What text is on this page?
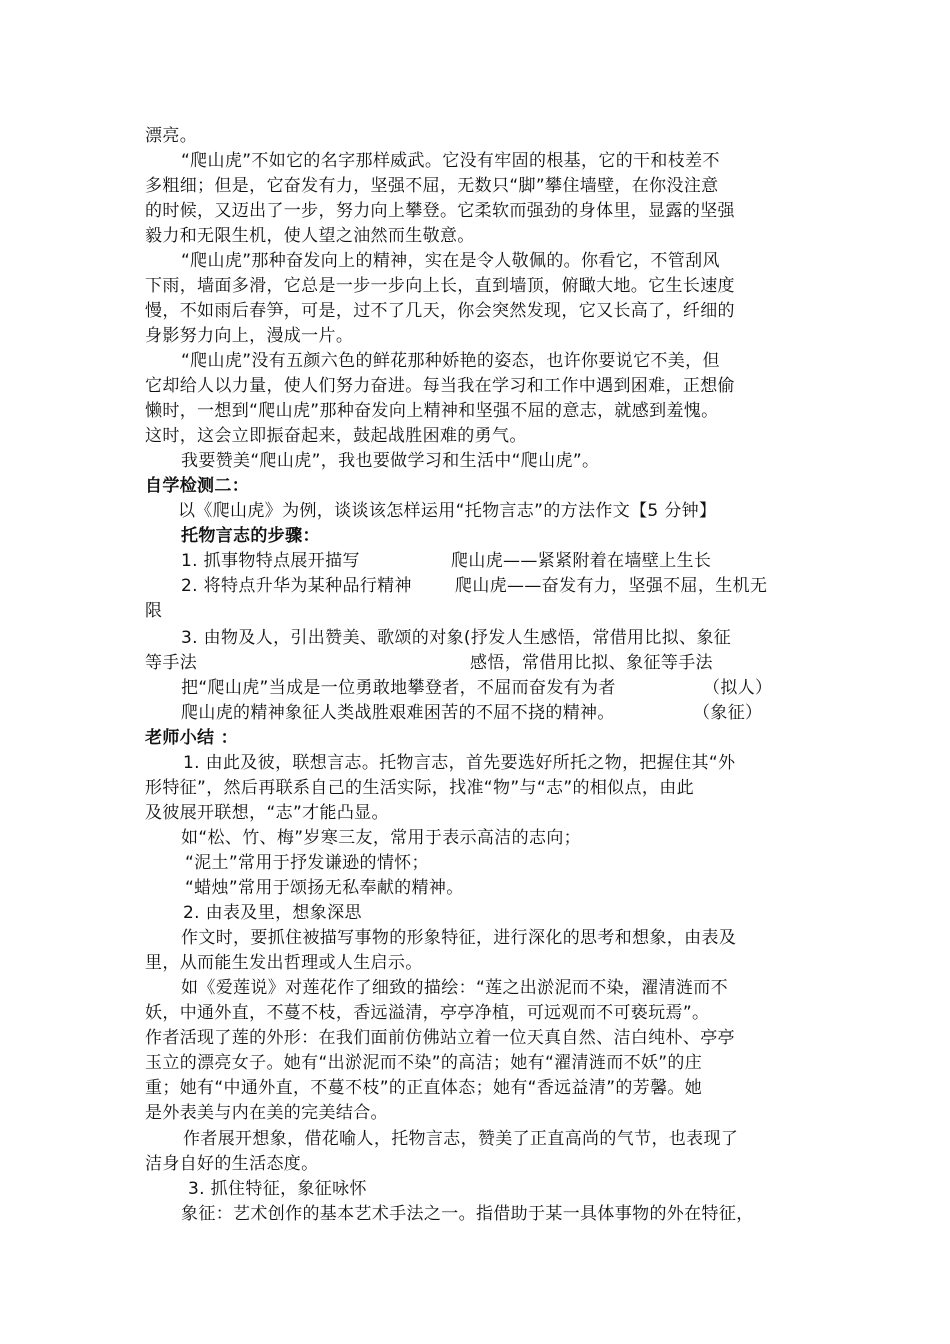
漂亮。
“爬山虎”不如它的名字那样威武。它没有牢固的根基，它的干和枝差不
多粗细；但是，它奋发有力，坚强不屈，无数只“脚”攀住墙壁，在你没注意
的时候，又迈出了一步，努力向上攀登。它柔软而强劲的身体里，显露的坚强
毅力和无限生机，使人望之油然而生敬意。
“爬山虎”那种奋发向上的精神，实在是令人敬佩的。你看它，不管刮风
下雨，墙面多滑，它总是一步一步向上长，直到墙顶，俯瞰大地。它生长速度
慢，不如雨后春笋，可是，过不了几天，你会突然发现，它又长高了，纤细的
身影努力向上，漫成一片。
“爬山虎”没有五颜六色的鲜花那种娇艳的姿态，也许你要说它不美，但
它却给人以力量，使人们努力奋进。每当我在学习和工作中遇到困难，正想偷
懒时，一想到“爬山虎”那种奋发向上精神和坚强不屈的意志，就感到羞愧。
这时，这会立即振奋起来，鼓起战胜困难的勇气。
我要赞美“爬山虎”，我也要做学习和生活中“爬山虎”。
自学检测二：
以《爬山虎》为例，谈谈该怎样运用“托物言志”的方法作文【5 分钟】
托物言志的步骤：
1. 抓事物特点展开描写	爬山虎——紧紧附着在墙壁上生长
2. 将特点升华为某种品行精神	爬山虎——奋发有力，坚强不屈，生机无
限
3. 由物及人，引出赞美、歌颂的对象(抒发人生感悟，常借用比拟、象征
等手法	感悟，常借用比拟、象征等手法
把“爬山虎”当成是一位勇敢地攀登者，不屈而奋发有为者	（拟人）
爬山虎的精神象征人类战胜艰难困苦的不屈不挠的精神。	（象征）
老师小结 ：
1. 由此及彼，联想言志。托物言志，首先要选好所托之物，把握住其“外
形特征”，然后再联系自己的生活实际，找准“物”与“志”的相似点，由此
及彼展开联想，“志”才能凸显。
如“松、竹、梅”岁寒三友，常用于表示高洁的志向；
“泥土”常用于抒发谦逊的情怀；
“蜡烛”常用于颂扬无私奉献的精神。
2. 由表及里，想象深思
作文时，要抓住被描写事物的形象特征，进行深化的思考和想象，由表及
里，从而能生发出哲理或人生启示。
如《爱莲说》对莲花作了细致的描绘：“莲之出淤泥而不染，濯清涟而不
妖，中通外直，不蔓不枝，香远溢清，亭亭净植，可远观而不可亵玩焉”。
作者活现了莲的外形：在我们面前仿佛站立着一位天真自然、洁白纯朴、亭亭
玉立的漂亮女子。她有“出淤泥而不染”的高洁；她有“濯清涟而不妖”的庄
重；她有“中通外直，不蔓不枝”的正直体态；她有“香远益清”的芳馨。她
是外表美与内在美的完美结合。
作者展开想象，借花喻人，托物言志，赞美了正直高尚的气节，也表现了
洁身自好的生活态度。
3. 抓住特征，象征咏怀
象征：艺术创作的基本艺术手法之一。指借助于某一具体事物的外在特征，
